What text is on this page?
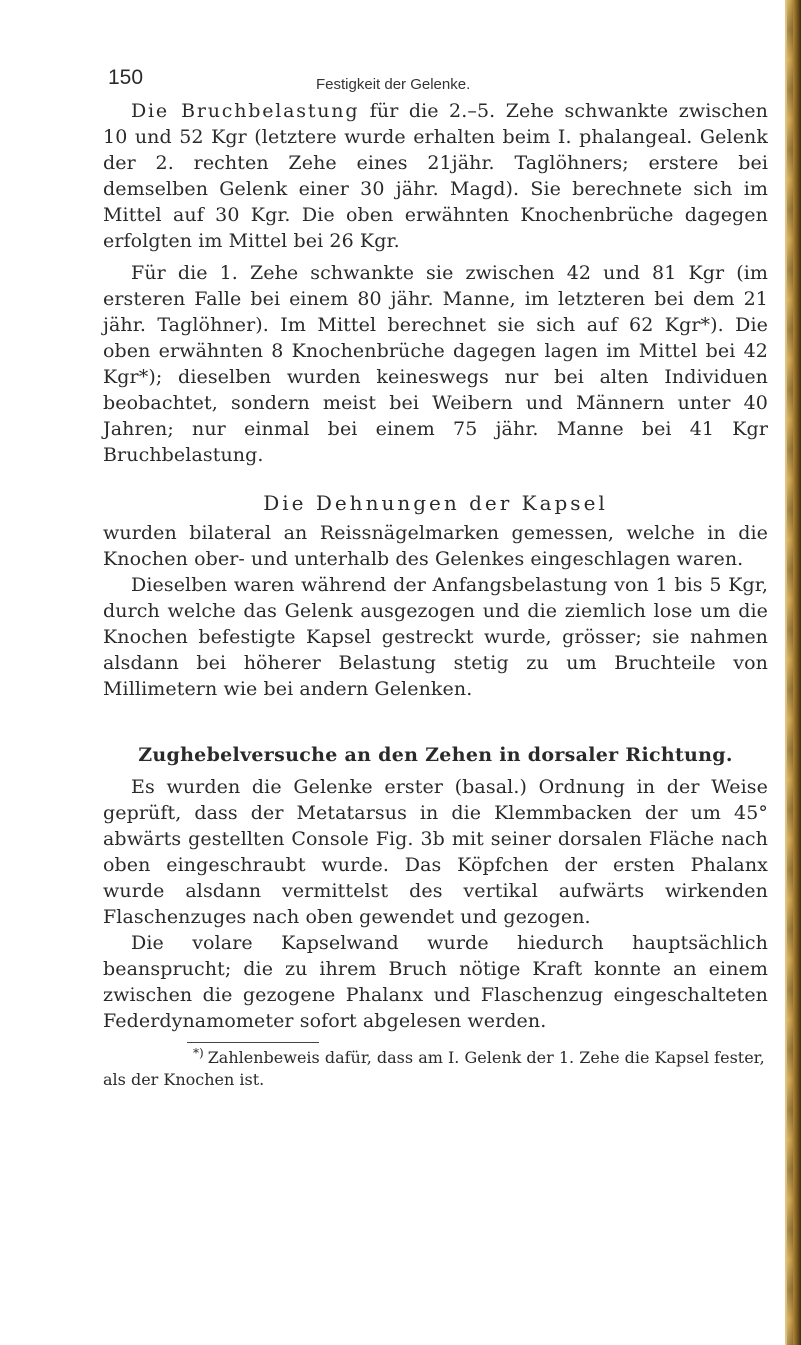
150	Festigkeit der Gelenke.

Die Bruchbelastung für die 2.–5. Zehe schwankte zwischen 10 und 52 Kgr (letztere wurde erhalten beim I. phalangeal. Gelenk der 2. rechten Zehe eines 21jähr. Taglöhners; erstere bei demselben Gelenk einer 30 jähr. Magd). Sie berechnete sich im Mittel auf 30 Kgr. Die oben erwähnten Knochenbrüche dagegen erfolgten im Mittel bei 26 Kgr.

Für die 1. Zehe schwankte sie zwischen 42 und 81 Kgr (im ersteren Falle bei einem 80 jähr. Manne, im letzteren bei dem 21 jähr. Taglöhner). Im Mittel berechnet sie sich auf 62 Kgr*). Die oben erwähnten 8 Knochenbrüche dagegen lagen im Mittel bei 42 Kgr*); dieselben wurden keineswegs nur bei alten Individuen beobachtet, sondern meist bei Weibern und Männern unter 40 Jahren; nur einmal bei einem 75 jähr. Manne bei 41 Kgr Bruchbelastung.

Die Dehnungen der Kapsel

wurden bilateral an Reissnägelmarken gemessen, welche in die Knochen ober- und unterhalb des Gelenkes eingeschlagen waren.

Dieselben waren während der Anfangsbelastung von 1 bis 5 Kgr, durch welche das Gelenk ausgezogen und die ziemlich lose um die Knochen befestigte Kapsel gestreckt wurde, grösser; sie nahmen alsdann bei höherer Belastung stetig zu um Bruchteile von Millimetern wie bei andern Gelenken.

Zughebelversuche an den Zehen in dorsaler Richtung.

Es wurden die Gelenke erster (basal.) Ordnung in der Weise geprüft, dass der Metatarsus in die Klemmbacken der um 45° abwärts gestellten Console Fig. 3b mit seiner dorsalen Fläche nach oben eingeschraubt wurde. Das Köpfchen der ersten Phalanx wurde alsdann vermittelst des vertikal aufwärts wirkenden Flaschenzuges nach oben gewendet und gezogen.

Die volare Kapselwand wurde hiedurch hauptsächlich beansprucht; die zu ihrem Bruch nötige Kraft konnte an einem zwischen die gezogene Phalanx und Flaschenzug eingeschalteten Federdynamometer sofort abgelesen werden.

*) Zahlenbeweis dafür, dass am I. Gelenk der 1. Zehe die Kapsel fester, als der Knochen ist.
